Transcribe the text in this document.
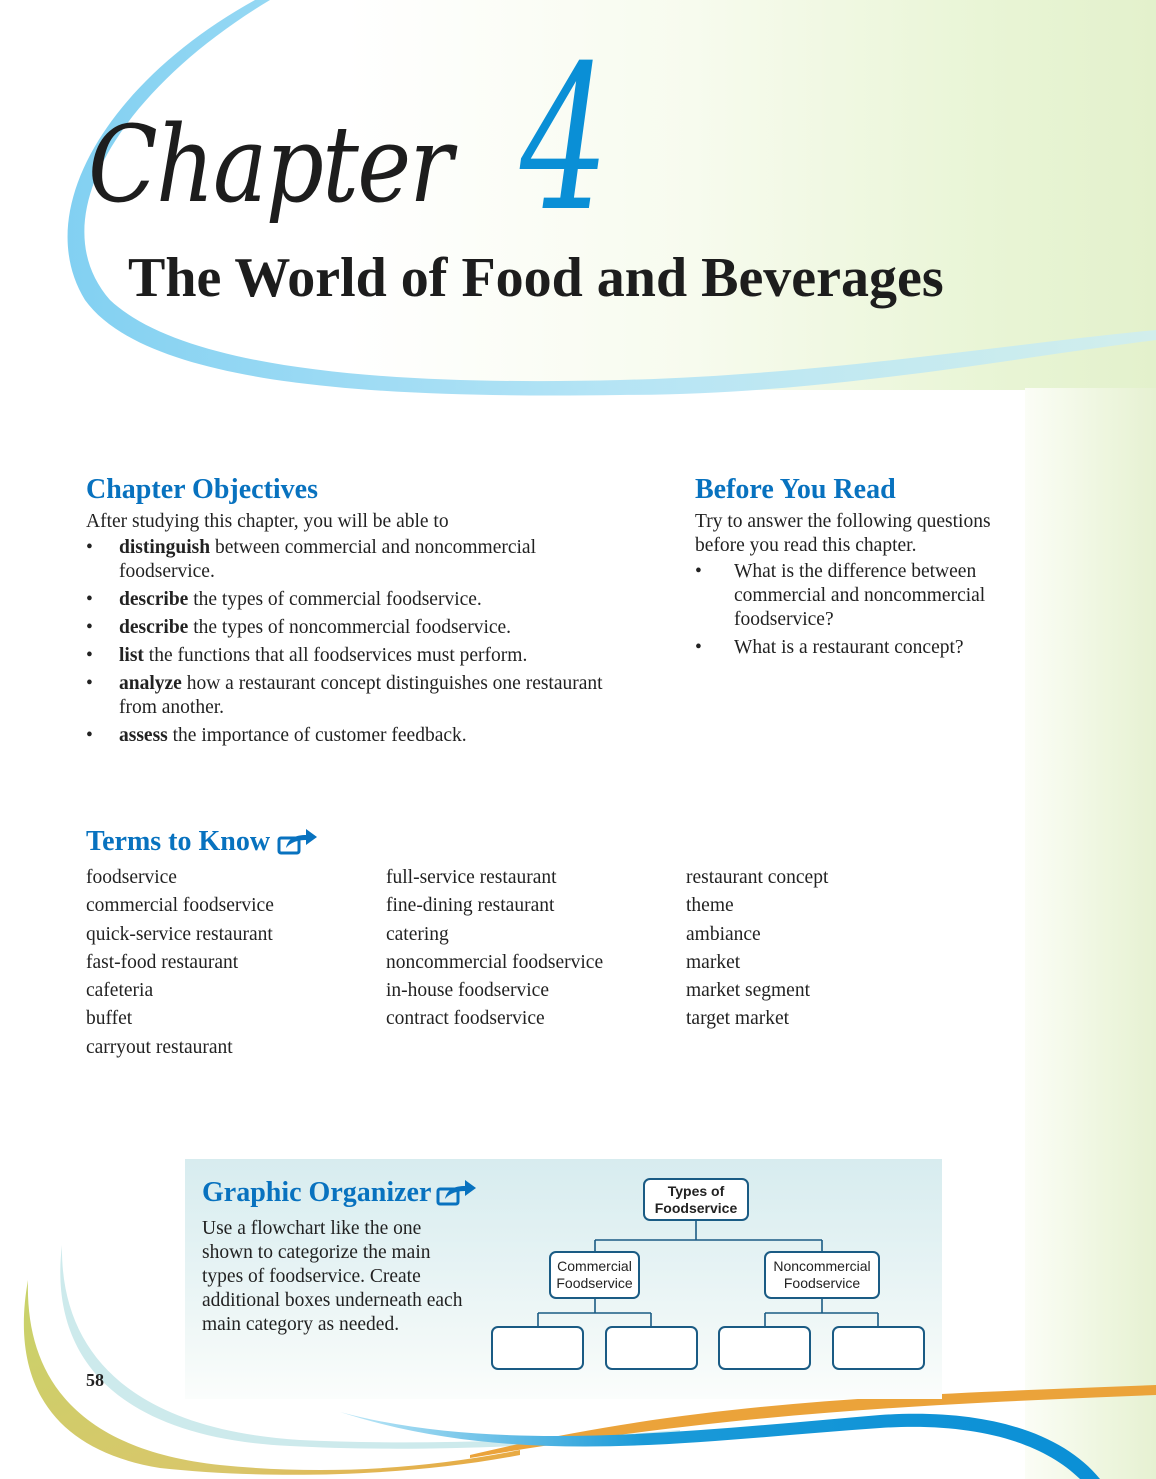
Chapter 4
The World of Food and Beverages
Chapter Objectives
After studying this chapter, you will be able to
• distinguish between commercial and noncommercial foodservice.
• describe the types of commercial foodservice.
• describe the types of noncommercial foodservice.
• list the functions that all foodservices must perform.
• analyze how a restaurant concept distinguishes one restaurant from another.
• assess the importance of customer feedback.
Before You Read
Try to answer the following questions before you read this chapter.
• What is the difference between commercial and noncommercial foodservice?
• What is a restaurant concept?
Terms to Know
foodservice
commercial foodservice
quick-service restaurant
fast-food restaurant
cafeteria
buffet
carryout restaurant
full-service restaurant
fine-dining restaurant
catering
noncommercial foodservice
in-house foodservice
contract foodservice
restaurant concept
theme
ambiance
market
market segment
target market
Graphic Organizer
Use a flowchart like the one shown to categorize the main types of foodservice. Create additional boxes underneath each main category as needed.
Types of Foodservice
Commercial Foodservice
Noncommercial Foodservice
58
